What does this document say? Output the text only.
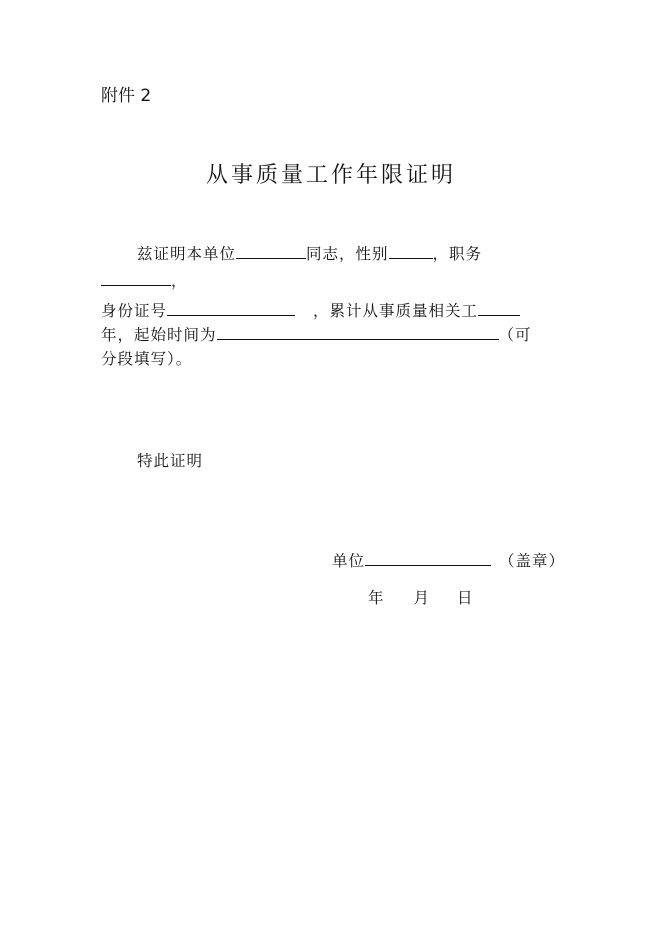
附件 2
从事质量工作年限证明
兹证明本单位	同志，性别	，职务
，
身份证号	，累计从事质量相关工
年，起始时间为	（可
分段填写）。
特此证明
单位	（盖章）
年 月 日
